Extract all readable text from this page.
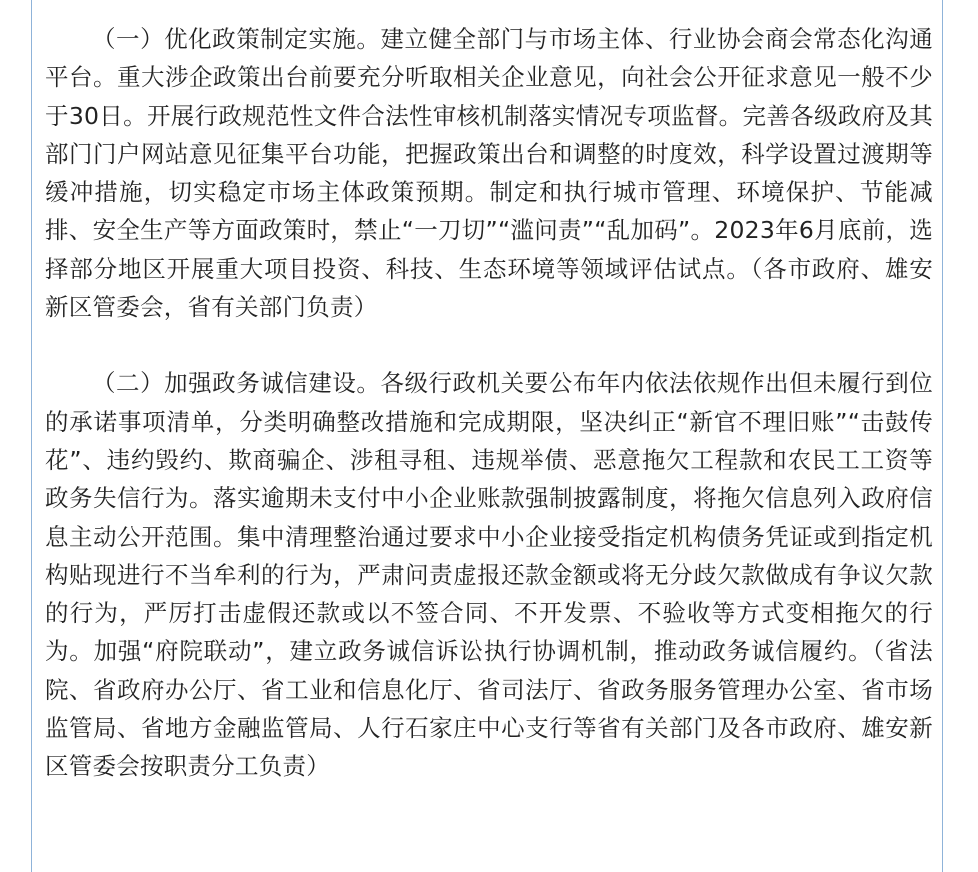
（一）优化政策制定实施。建立健全部门与市场主体、行业协会商会常态化沟通平台。重大涉企政策出台前要充分听取相关企业意见，向社会公开征求意见一般不少于30日。开展行政规范性文件合法性审核机制落实情况专项监督。完善各级政府及其部门门户网站意见征集平台功能，把握政策出台和调整的时度效，科学设置过渡期等缓冲措施，切实稳定市场主体政策预期。制定和执行城市管理、环境保护、节能减排、安全生产等方面政策时，禁止“一刀切”“滥问责”“乱加码”。2023年6月底前，选择部分地区开展重大项目投资、科技、生态环境等领域评估试点。（各市政府、雄安新区管委会，省有关部门负责）

（二）加强政务诚信建设。各级行政机关要公布年内依法依规作出但未履行到位的承诺事项清单，分类明确整改措施和完成期限，坚决纠正“新官不理旧账”“击鼓传花”、违约毁约、欺商骗企、涉租寻租、违规举债、恶意拖欠工程款和农民工工资等政务失信行为。落实逾期未支付中小企业账款强制披露制度，将拖欠信息列入政府信息主动公开范围。集中清理整治通过要求中小企业接受指定机构债务凭证或到指定机构贴现进行不当牟利的行为，严肃问责虚报还款金额或将无分歧欠款做成有争议欠款的行为，严厉打击虚假还款或以不签合同、不开发票、不验收等方式变相拖欠的行为。加强“府院联动”，建立政务诚信诉讼执行协调机制，推动政务诚信履约。（省法院、省政府办公厅、省工业和信息化厅、省司法厅、省政务服务管理办公室、省市场监管局、省地方金融监管局、人行石家庄中心支行等省有关部门及各市政府、雄安新区管委会按职责分工负责）
